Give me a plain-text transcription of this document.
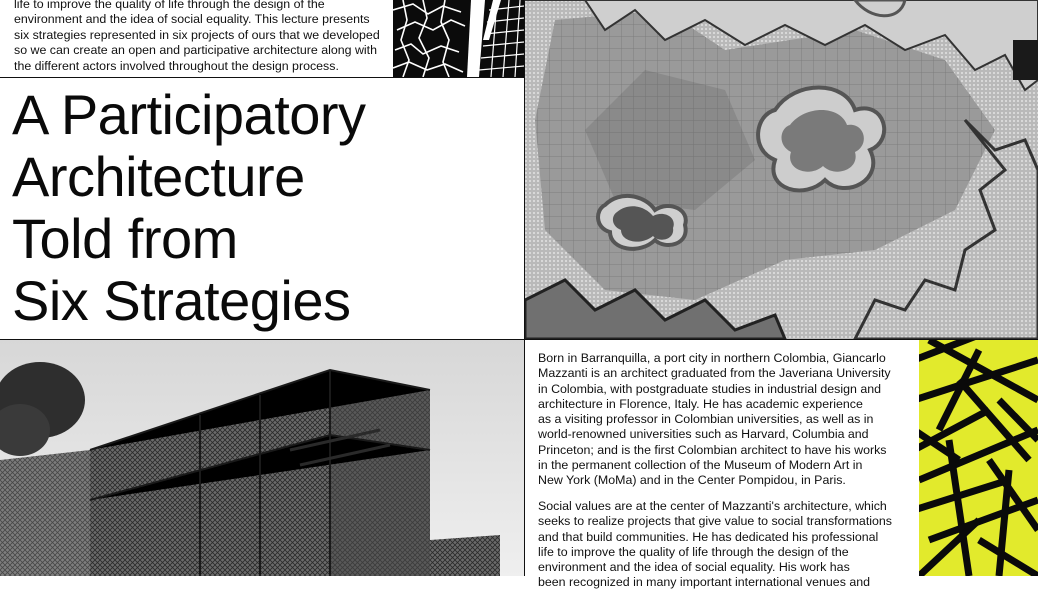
life to improve the quality of life through the design of the
environment and the idea of social equality. This lecture presents
six strategies represented in six projects of ours that we developed
so we can create an open and participative architecture along with
the different actors involved throughout the design process.
A Participatory
Architecture
Told from
Six Strategies
Born in Barranquilla, a port city in northern Colombia, Giancarlo
Mazzanti is an architect graduated from the Javeriana University
in Colombia, with postgraduate studies in industrial design and
architecture in Florence, Italy. He has academic experience
as a visiting professor in Colombian universities, as well as in
world-renowned universities such as Harvard, Columbia and
Princeton; and is the first Colombian architect to have his works
in the permanent collection of the Museum of Modern Art in
New York (MoMa) and in the Center Pompidou, in Paris.
Social values are at the center of Mazzanti's architecture, which
seeks to realize projects that give value to social transformations
and that build communities. He has dedicated his professional
life to improve the quality of life through the design of the
environment and the idea of social equality. His work has
been recognized in many important international venues and
